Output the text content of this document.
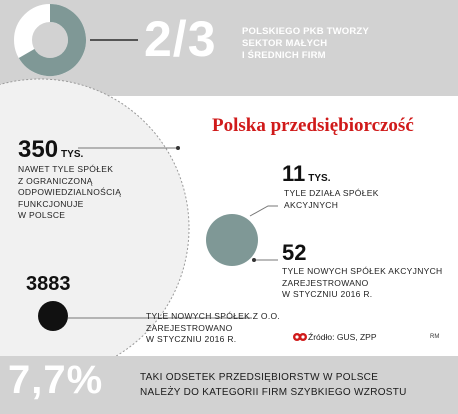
2/3	POLSKIEGO PKB TWORZY
SEKTOR MAŁYCH
I ŚREDNICH FIRM
Polska przedsiębiorczość
350 TYS.
NAWET TYLE SPÓŁEK
Z OGRANICZONĄ
ODPOWIEDZIALNOŚCIĄ
FUNKCJONUJE
W POLSCE
11 TYS.
TYLE DZIAŁA SPÓŁEK
AKCYJNYCH
52
TYLE NOWYCH SPÓŁEK AKCYJNYCH
ZAREJESTROWANO
W STYCZNIU 2016 R.
3883
TYLE NOWYCH SPÓŁEK Z O.O.
ZAREJESTROWANO
W STYCZNIU 2016 R.	Źródło: GUS, ZPP	RM
7,7%	TAKI ODSETEK PRZEDSIĘBIORSTW W POLSCE
NALEŻY DO KATEGORII FIRM SZYBKIEGO WZROSTU
